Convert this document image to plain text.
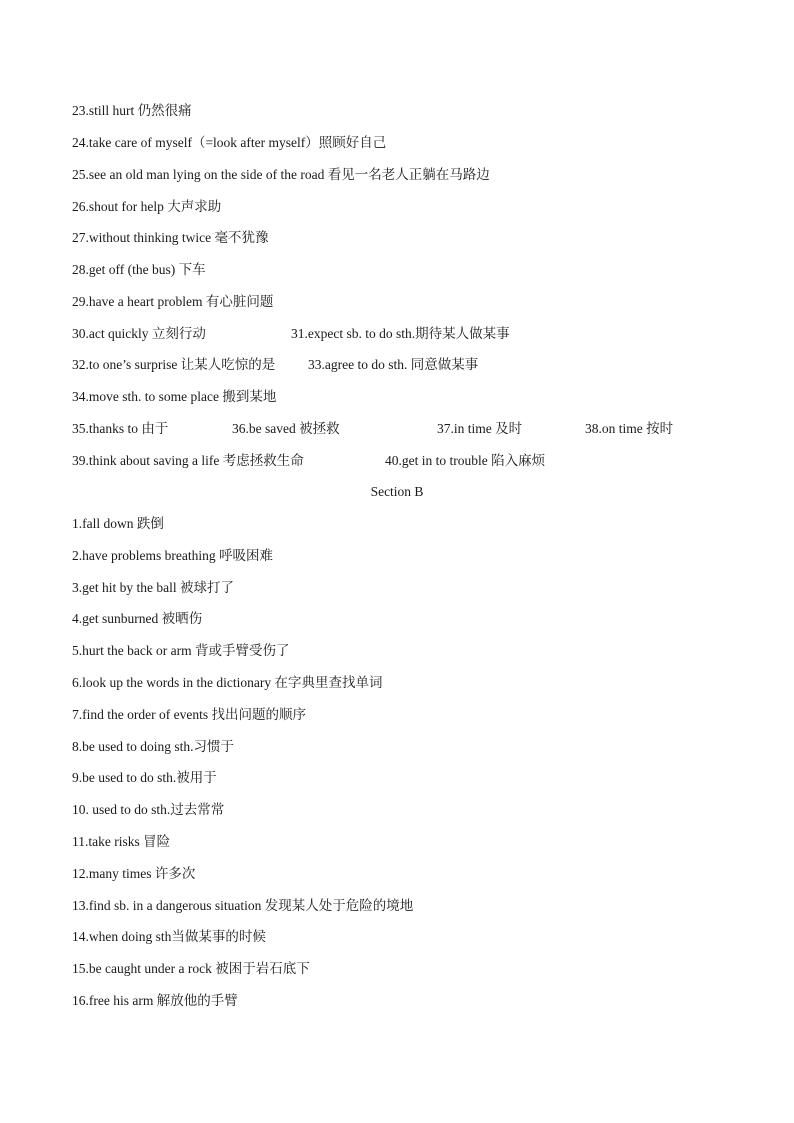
23.still hurt 仍然很痛
24.take care of myself（=look after myself）照顾好自己
25.see an old man lying on the side of the road 看见一名老人正躺在马路边
26.shout for help 大声求助
27.without thinking twice 毫不犹豫
28.get off (the bus) 下车
29.have a heart problem 有心脏问题
30.act quickly 立刻行动	31.expect sb. to do sth.期待某人做某事
32.to one’s surprise 让某人吃惊的是 33.agree to do sth. 同意做某事
34.move sth. to some place 搬到某地
35.thanks to 由于	36.be saved 被拯救	37.in time 及时	38.on time 按时
39.think about saving a life 考虑拯救生命	40.get in to trouble 陷入麻烦
Section B
1.fall down 跌倒
2.have problems breathing 呼吸困难
3.get hit by the ball 被球打了
4.get sunburned 被晒伤
5.hurt the back or arm 背或手臂受伤了
6.look up the words in the dictionary 在字典里查找单词
7.find the order of events 找出问题的顺序
8.be used to doing sth.习惯于
9.be used to do sth.被用于
10. used to do sth.过去常常
11.take risks 冒险
12.many times 许多次
13.find sb. in a dangerous situation 发现某人处于危险的境地
14.when doing sth当做某事的时候
15.be caught under a rock 被困于岩石底下
16.free his arm 解放他的手臂
